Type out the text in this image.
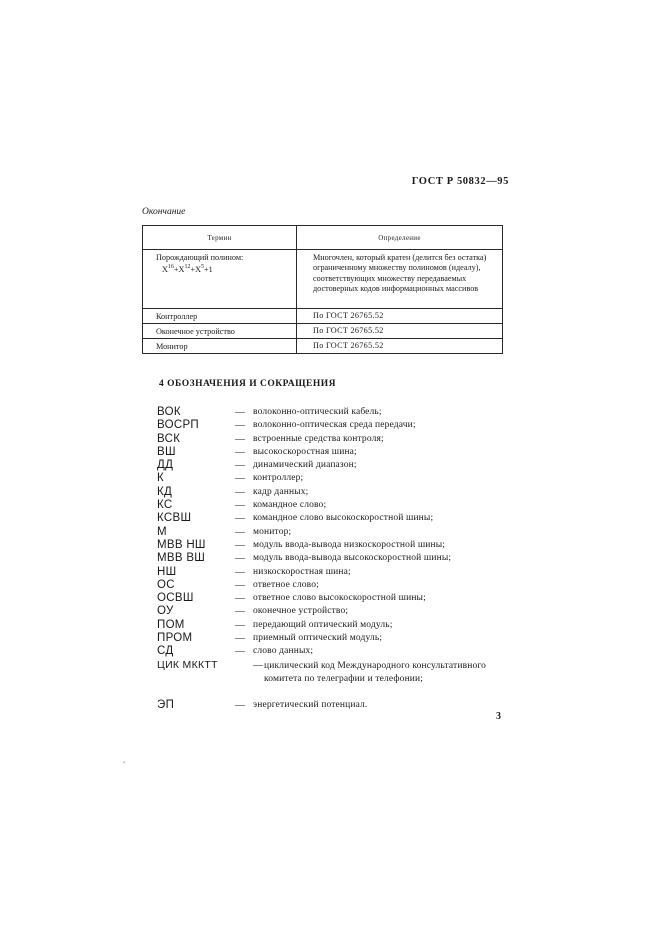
ГОСТ Р 50832—95
Окончание
Термин	Определение

Порождающий полином:
$X^{16}+X^{12}+X^5+1$	Многочлен, который кратен (делится без остатка) ограниченному множеству полиномов (идеалу), соответствующих множеству передаваемых достоверных кодов информационных массивов
Контроллер	По ГОСТ 26765.52
Оконечное устройство	По ГОСТ 26765.52
Монитор	По ГОСТ 26765.52
4 ОБОЗНАЧЕНИЯ И СОКРАЩЕНИЯ
ВОК	— волоконно-оптический кабель;
ВОСРП	— волоконно-оптическая среда передачи;
ВСК	— встроенные средства контроля;
ВШ	— высокоскоростная шина;
ДД	— динамический диапазон;
К	— контроллер;
КД	— кадр данных;
КС	— командное слово;
КСВШ	— командное слово высокоскоростной шины;
М	— монитор;
МВВ НШ	— модуль ввода-вывода низкоскоростной шины;
МВВ ВШ	— модуль ввода-вывода высокоскоростной шины;
НШ	— низкоскоростная шина;
ОС	— ответное слово;
ОСВШ	— ответное слово высокоскоростной шины;
ОУ	— оконечное устройство;
ПОМ	— передающий оптический модуль;
ПРОМ	— приемный оптический модуль;
СД	— слово данных;
ЦИК МККТТ	— циклический код Международного консультативного комитета по телеграфии и телефонии;
ЭП	— энергетический потенциал.
3
‘
